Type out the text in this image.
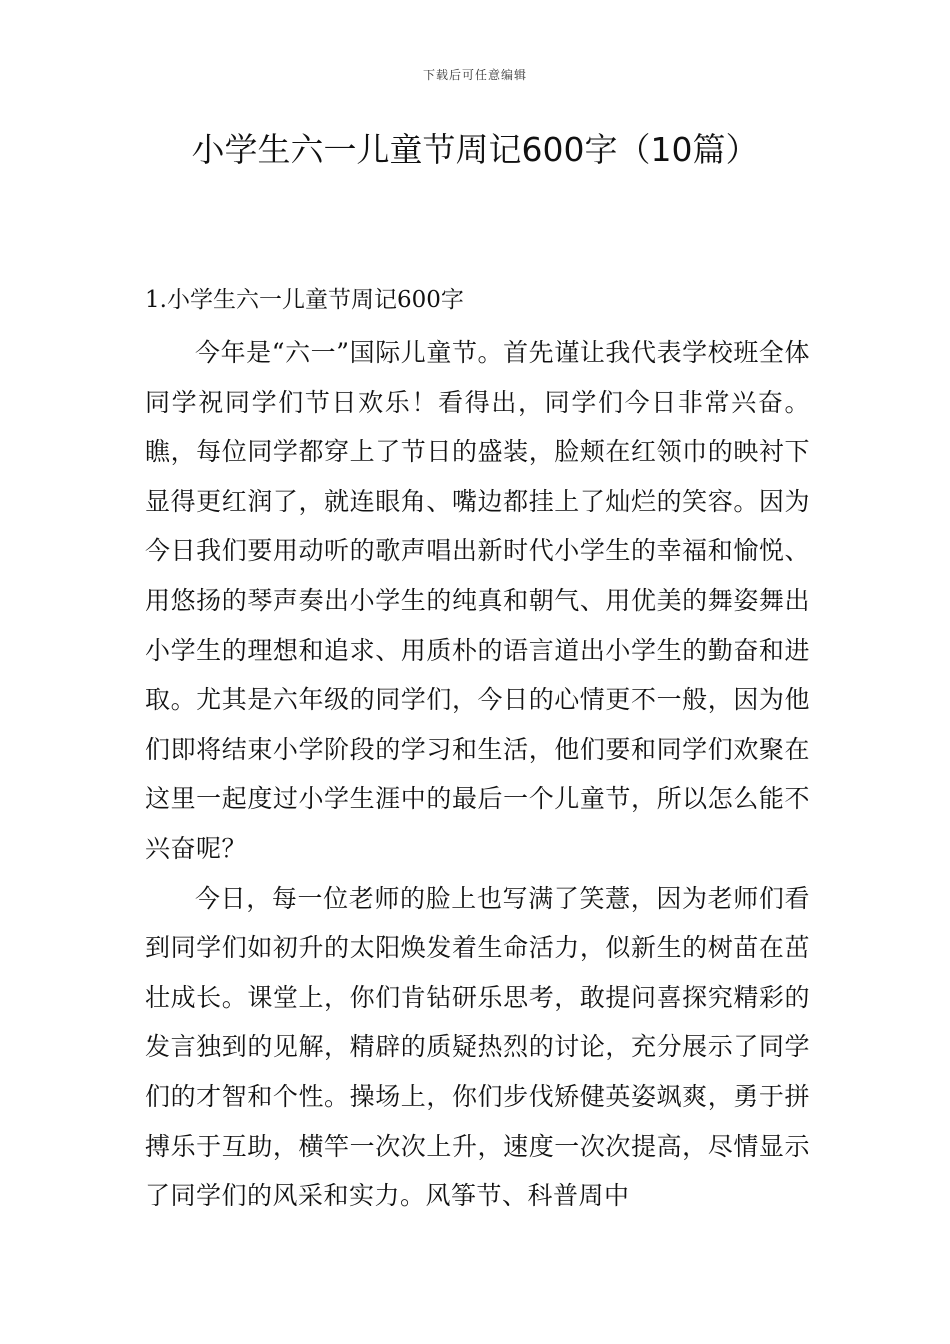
下载后可任意编辑
小学生六一儿童节周记600字（10篇）
1.小学生六一儿童节周记600字

今年是“六一”国际儿童节。首先谨让我代表学校班全体同学祝同学们节日欢乐！看得出，同学们今日非常兴奋。瞧，每位同学都穿上了节日的盛装，脸颊在红领巾的映衬下显得更红润了，就连眼角、嘴边都挂上了灿烂的笑容。因为今日我们要用动听的歌声唱出新时代小学生的幸福和愉悦、用悠扬的琴声奏出小学生的纯真和朝气、用优美的舞姿舞出小学生的理想和追求、用质朴的语言道出小学生的勤奋和进取。尤其是六年级的同学们，今日的心情更不一般，因为他们即将结束小学阶段的学习和生活，他们要和同学们欢聚在这里一起度过小学生涯中的最后一个儿童节，所以怎么能不兴奋呢？

今日，每一位老师的脸上也写满了笑薏，因为老师们看到同学们如初升的太阳焕发着生命活力，似新生的树苗在茁壮成长。课堂上，你们肯钻研乐思考，敢提问喜探究精彩的发言独到的见解，精辟的质疑热烈的讨论，充分展示了同学们的才智和个性。操场上，你们步伐矫健英姿飒爽，勇于拼搏乐于互助，横竿一次次上升，速度一次次提高，尽情显示了同学们的风采和实力。风筝节、科普周中
